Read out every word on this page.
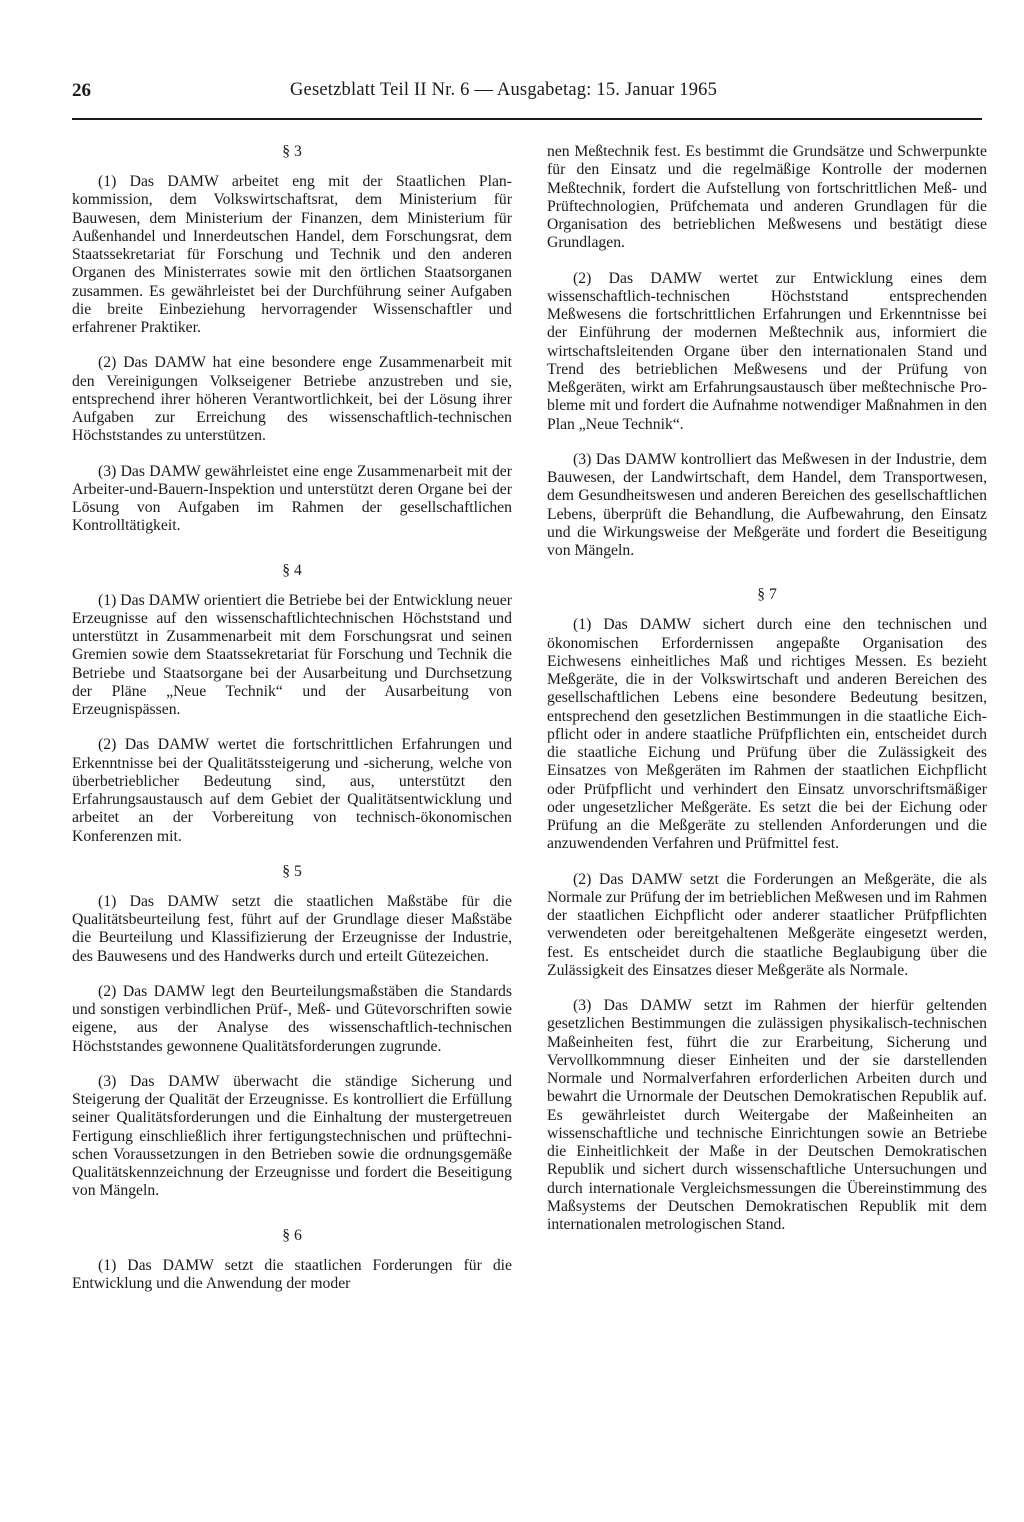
26	Gesetzblatt Teil II Nr. 6 — Ausgabetag: 15. Januar 1965
§ 3

(1) Das DAMW arbeitet eng mit der Staatlichen Plankommission, dem Volkswirtschaftsrat, dem Ministerium für Bauwesen, dem Ministerium der Finanzen, dem Ministerium für Außenhandel und Innerdeutschen Handel, dem Forschungsrat, dem Staatssekretariat für Forschung und Technik und den anderen Organen des Ministerrates sowie mit den örtlichen Staatsorganen zusammen. Es gewährleistet bei der Durchführung seiner Aufgaben die breite Einbeziehung hervorragender Wissenschaftler und erfahrener Praktiker.

(2) Das DAMW hat eine besondere enge Zusammenarbeit mit den Vereinigungen Volkseigener Betriebe anzustreben und sie, entsprechend ihrer höheren Verantwortlichkeit, bei der Lösung ihrer Aufgaben zur Erreichung des wissenschaftlich-technischen Höchststandes zu unterstützen.

(3) Das DAMW gewährleistet eine enge Zusammenarbeit mit der Arbeiter-und-Bauern-Inspektion und unterstützt deren Organe bei der Lösung von Aufgaben im Rahmen der gesellschaftlichen Kontrolltätigkeit.

§ 4

(1) Das DAMW orientiert die Betriebe bei der Entwicklung neuer Erzeugnisse auf den wissenschaftlichtechnischen Höchststand und unterstützt in Zusammenarbeit mit dem Forschungsrat und seinen Gremien sowie dem Staatssekretariat für Forschung und Technik die Betriebe und Staatsorgane bei der Ausarbeitung und Durchsetzung der Pläne „Neue Technik“ und der Ausarbeitung von Erzeugnispässen.

(2) Das DAMW wertet die fortschrittlichen Erfahrungen und Erkenntnisse bei der Qualitätssteigerung und -sicherung, welche von überbetrieblicher Bedeutung sind, aus, unterstützt den Erfahrungsaustausch auf dem Gebiet der Qualitätsentwicklung und arbeitet an der Vorbereitung von technisch-ökonomischen Konferenzen mit.

§ 5

(1) Das DAMW setzt die staatlichen Maßstäbe für die Qualitätsbeurteilung fest, führt auf der Grundlage dieser Maßstäbe die Beurteilung und Klassifizierung der Erzeugnisse der Industrie, des Bauwesens und des Handwerks durch und erteilt Gütezeichen.

(2) Das DAMW legt den Beurteilungsmaßstäben die Standards und sonstigen verbindlichen Prüf-, Meß- und Gütevorschriften sowie eigene, aus der Analyse des wissenschaftlich-technischen Höchststandes gewonnene Qualitätsforderungen zugrunde.

(3) Das DAMW überwacht die ständige Sicherung und Steigerung der Qualität der Erzeugnisse. Es kontrolliert die Erfüllung seiner Qualitätsforderungen und die Einhaltung der mustergetreuen Fertigung einschließlich ihrer fertigungstechnischen und prüftechnischen Voraussetzungen in den Betrieben sowie die ordnungsgemäße Qualitätskennzeichnung der Erzeugnisse und fordert die Beseitigung von Mängeln.

§ 6

(1) Das DAMW setzt die staatlichen Forderungen für die Entwicklung und die Anwendung der moder

nen Meßtechnik fest. Es bestimmt die Grundsätze und Schwerpunkte für den Einsatz und die regelmäßige Kontrolle der modernen Meßtechnik, fordert die Aufstellung von fortschrittlichen Meß- und Prüftechnologien, Prüfchemata und anderen Grundlagen für die Organisation des betrieblichen Meßwesens und bestätigt diese Grundlagen.

(2) Das DAMW wertet zur Entwicklung eines dem wissenschaftlich-technischen Höchststand entsprechenden Meßwesens die fortschrittlichen Erfahrungen und Erkenntnisse bei der Einführung der modernen Meßtechnik aus, informiert die wirtschaftsleitenden Organe über den internationalen Stand und Trend des betrieblichen Meßwesens und der Prüfung von Meßgeräten, wirkt am Erfahrungsaustausch über meßtechnische Probleme mit und fordert die Aufnahme notwendiger Maßnahmen in den Plan „Neue Technik“.

(3) Das DAMW kontrolliert das Meßwesen in der Industrie, dem Bauwesen, der Landwirtschaft, dem Handel, dem Transportwesen, dem Gesundheitswesen und anderen Bereichen des gesellschaftlichen Lebens, überprüft die Behandlung, die Aufbewahrung, den Einsatz und die Wirkungsweise der Meßgeräte und fordert die Beseitigung von Mängeln.

§ 7

(1) Das DAMW sichert durch eine den technischen und ökonomischen Erfordernissen angepaßte Organisation des Eichwesens einheitliches Maß und richtiges Messen. Es bezieht Meßgeräte, die in der Volkswirtschaft und anderen Bereichen des gesellschaftlichen Lebens eine besondere Bedeutung besitzen, entsprechend den gesetzlichen Bestimmungen in die staatliche Eichpflicht oder in andere staatliche Prüfpflichten ein, entscheidet durch die staatliche Eichung und Prüfung über die Zulässigkeit des Einsatzes von Meßgeräten im Rahmen der staatlichen Eichpflicht oder Prüfpflicht und verhindert den Einsatz unvorschriftsmäßiger oder ungesetzlicher Meßgeräte. Es setzt die bei der Eichung oder Prüfung an die Meßgeräte zu stellenden Anforderungen und die anzuwendenden Verfahren und Prüfmittel fest.

(2) Das DAMW setzt die Forderungen an Meßgeräte, die als Normale zur Prüfung der im betrieblichen Meßwesen und im Rahmen der staatlichen Eichpflicht oder anderer staatlicher Prüfpflichten verwendeten oder bereitgehaltenen Meßgeräte eingesetzt werden, fest. Es entscheidet durch die staatliche Beglaubigung über die Zulässigkeit des Einsatzes dieser Meßgeräte als Normale.

(3) Das DAMW setzt im Rahmen der hierfür geltenden gesetzlichen Bestimmungen die zulässigen physikalisch-technischen Maßeinheiten fest, führt die zur Erarbeitung, Sicherung und Vervollkommnung dieser Einheiten und der sie darstellenden Normale und Normalverfahren erforderlichen Arbeiten durch und bewahrt die Urnormale der Deutschen Demokratischen Republik auf. Es gewährleistet durch Weitergabe der Maßeinheiten an wissenschaftliche und technische Einrichtungen sowie an Betriebe die Einheitlichkeit der Maße in der Deutschen Demokratischen Republik und sichert durch wissenschaftliche Untersuchungen und durch internationale Vergleichsmessungen die Übereinstimmung des Maßsystems der Deutschen Demokratischen Republik mit dem internationalen metrologischen Stand.
